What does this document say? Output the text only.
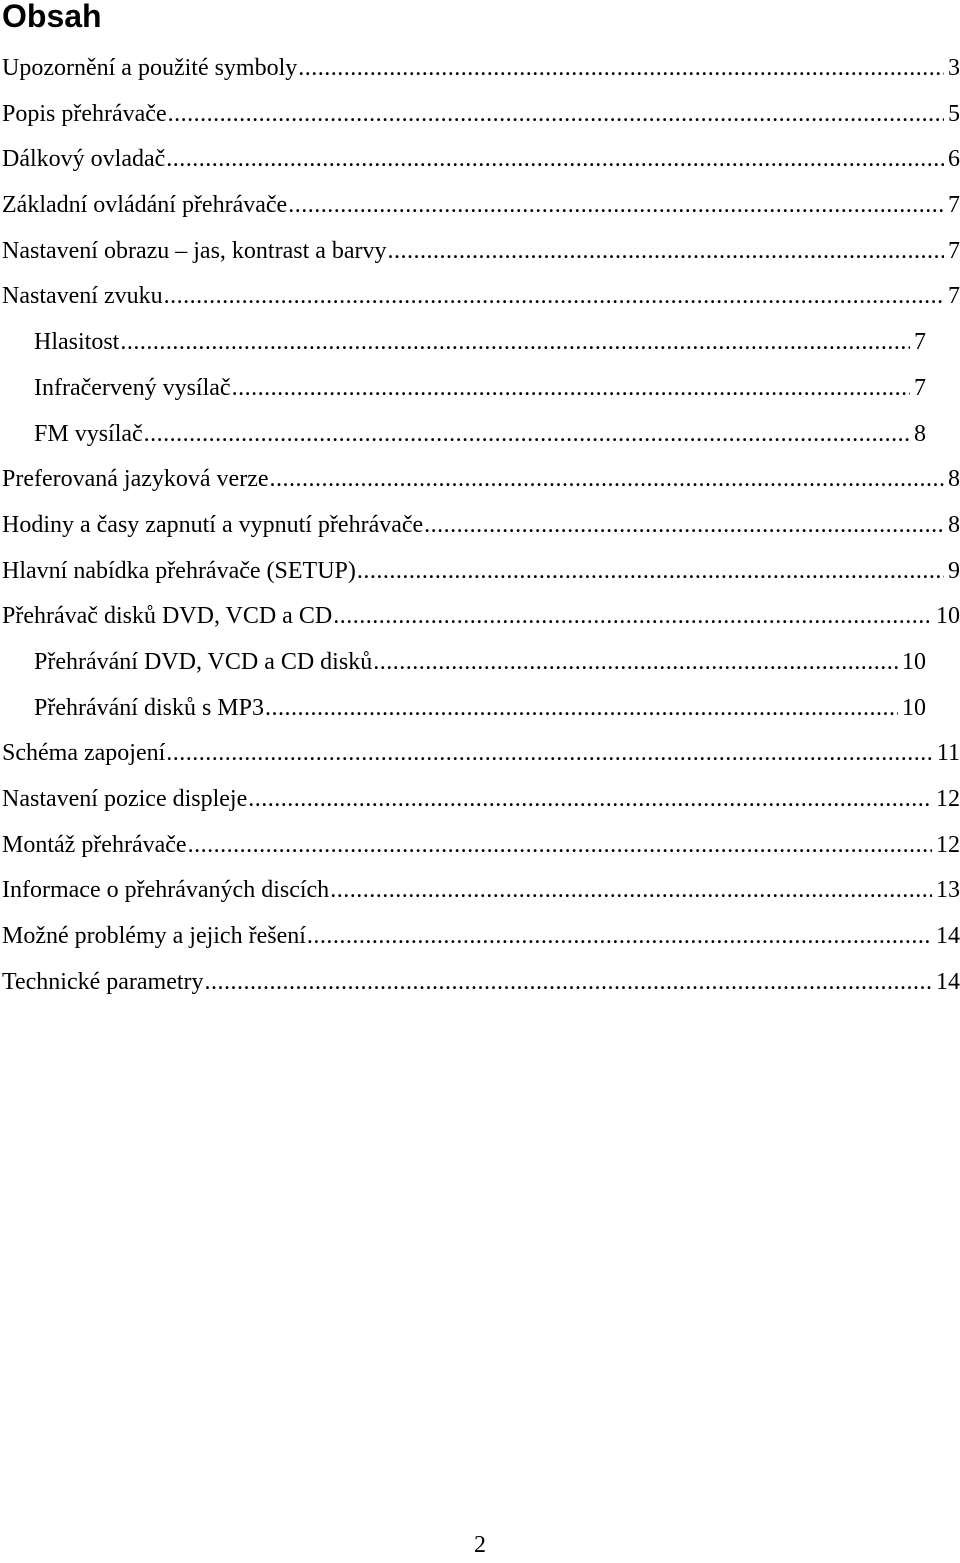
Obsah
Upozornění a použité symboly .....	3
Popis přehrávače .....	5
Dálkový ovladač .....	6
Základní ovládání přehrávače .....	7
Nastavení obrazu – jas, kontrast a barvy .....	7
Nastavení zvuku .....	7
Hlasitost .....	7
Infračervený vysílač .....	7
FM vysílač .....	8
Preferovaná jazyková verze .....	8
Hodiny a časy zapnutí a vypnutí přehrávače .....	8
Hlavní nabídka přehrávače (SETUP) .....	9
Přehrávač disků DVD, VCD a CD .....	10
Přehrávání DVD, VCD a CD disků .....	10
Přehrávání disků s MP3 .....	10
Schéma zapojení .....	11
Nastavení pozice displeje .....	12
Montáž přehrávače .....	12
Informace o přehrávaných discích .....	13
Možné problémy a jejich řešení .....	14
Technické parametry .....	14
2
